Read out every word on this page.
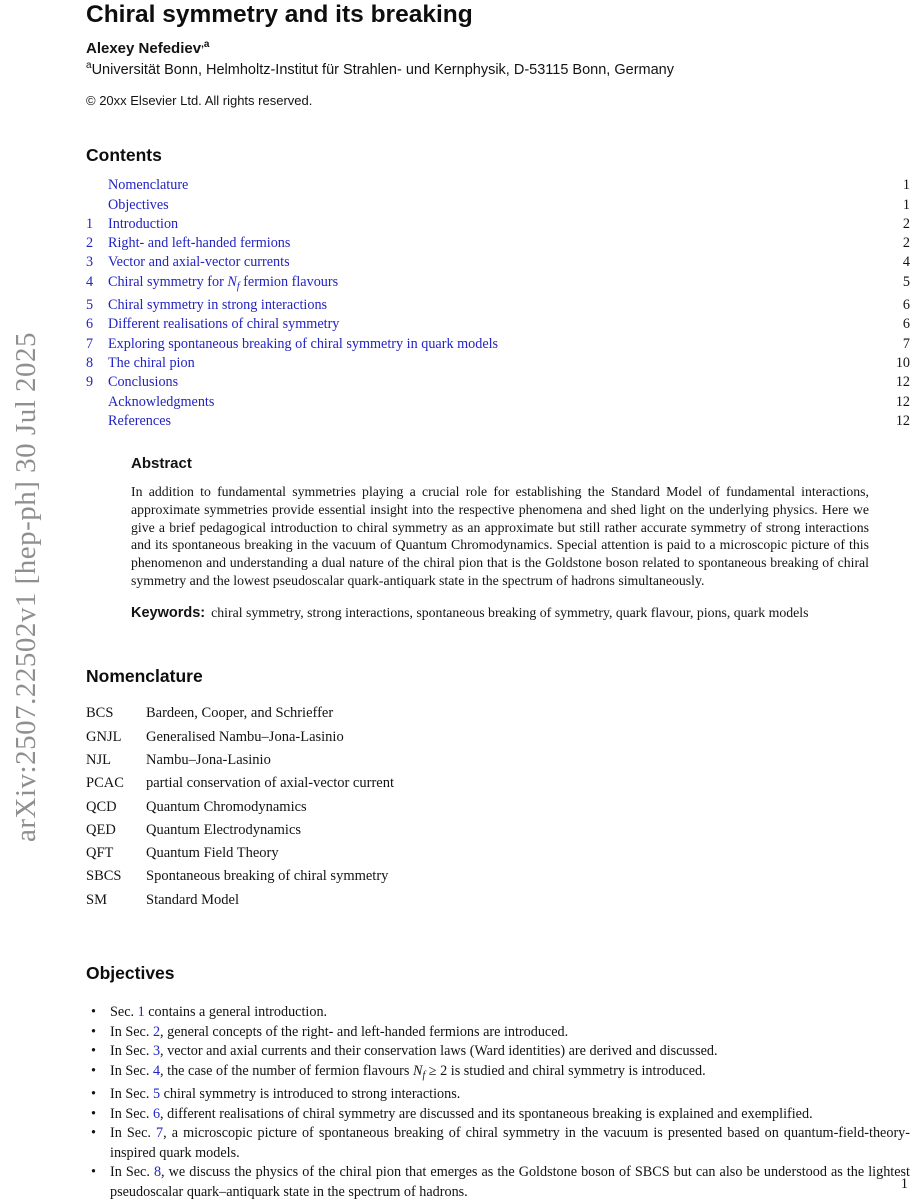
arXiv:2507.22502v1 [hep-ph] 30 Jul 2025
Chiral symmetry and its breaking
Alexey Nefediev$^{,a}$
$^a$Universität Bonn, Helmholtz-Institut für Strahlen- und Kernphysik, D-53115 Bonn, Germany
© 20xx Elsevier Ltd. All rights reserved.
Contents
Nomenclature	1
Objectives	1
1	Introduction	2
2	Right- and left-handed fermions	2
3	Vector and axial-vector currents	4
4	Chiral symmetry for $N_f$ fermion flavours	5
5	Chiral symmetry in strong interactions	6
6	Different realisations of chiral symmetry	6
7	Exploring spontaneous breaking of chiral symmetry in quark models	7
8	The chiral pion	10
9	Conclusions	12
Acknowledgments	12
References	12
Abstract

In addition to fundamental symmetries playing a crucial role for establishing the Standard Model of fundamental interactions, approximate symmetries provide essential insight into the respective phenomena and shed light on the underlying physics. Here we give a brief pedagogical introduction to chiral symmetry as an approximate but still rather accurate symmetry of strong interactions and its spontaneous breaking in the vacuum of Quantum Chromodynamics. Special attention is paid to a microscopic picture of this phenomenon and understanding a dual nature of the chiral pion that is the Goldstone boson related to spontaneous breaking of chiral symmetry and the lowest pseudoscalar quark-antiquark state in the spectrum of hadrons simultaneously.

Keywords: chiral symmetry, strong interactions, spontaneous breaking of symmetry, quark flavour, pions, quark models
Nomenclature
BCS	Bardeen, Cooper, and Schrieffer
GNJL	Generalised Nambu–Jona-Lasinio
NJL	Nambu–Jona-Lasinio
PCAC	partial conservation of axial-vector current
QCD	Quantum Chromodynamics
QED	Quantum Electrodynamics
QFT	Quantum Field Theory
SBCS	Spontaneous breaking of chiral symmetry
SM	Standard Model
Objectives
• Sec. 1 contains a general introduction.
• In Sec. 2, general concepts of the right- and left-handed fermions are introduced.
• In Sec. 3, vector and axial currents and their conservation laws (Ward identities) are derived and discussed.
• In Sec. 4, the case of the number of fermion flavours $N_f \ge 2$ is studied and chiral symmetry is introduced.
• In Sec. 5 chiral symmetry is introduced to strong interactions.
• In Sec. 6, different realisations of chiral symmetry are discussed and its spontaneous breaking is explained and exemplified.
• In Sec. 7, a microscopic picture of spontaneous breaking of chiral symmetry in the vacuum is presented based on quantum-field-theory-inspired quark models.
• In Sec. 8, we discuss the physics of the chiral pion that emerges as the Goldstone boson of SBCS but can also be understood as the lightest pseudoscalar quark–antiquark state in the spectrum of hadrons.	1
